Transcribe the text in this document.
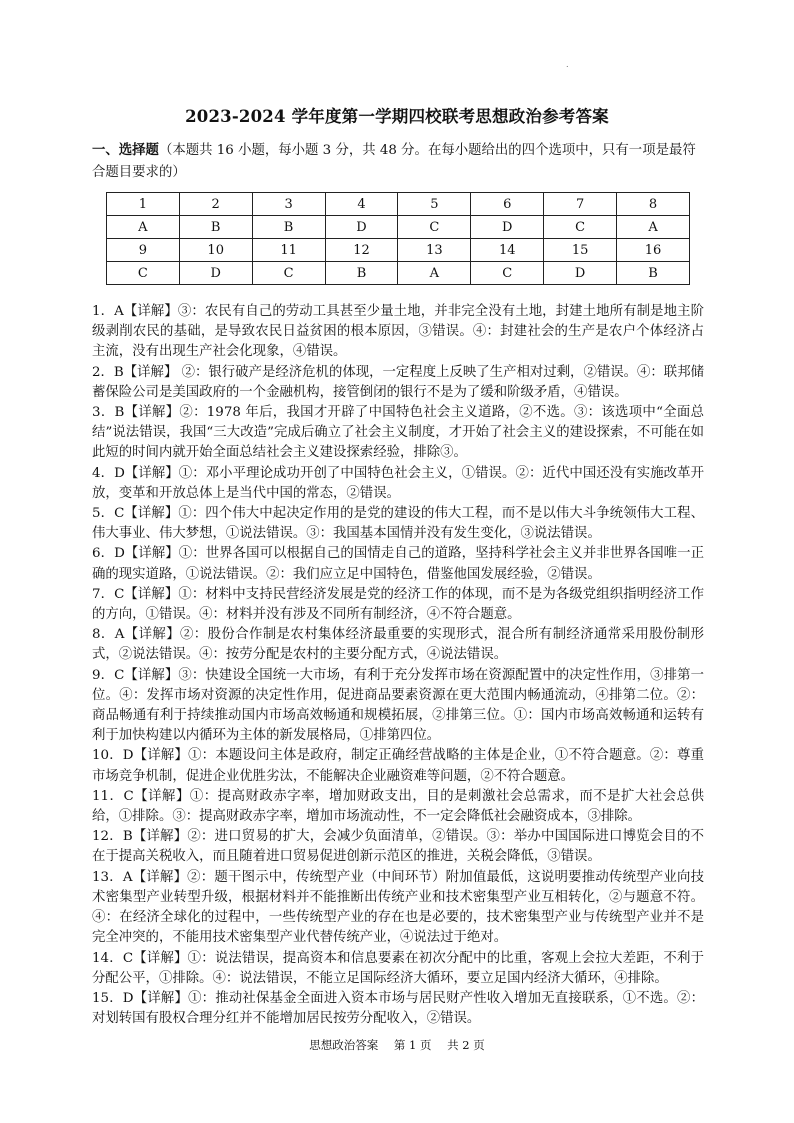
.
2023-2024 学年度第一学期四校联考思想政治参考答案
一、选择题（本题共 16 小题，每小题 3 分，共 48 分。在每小题给出的四个选项中，只有一项是最符合题目要求的）
1	2	3	4	5	6	7	8
A	B	B	D	C	D	C	A
9	10	11	12	13	14	15	16
C	D	C	B	A	C	D	B

1．A【详解】③：农民有自己的劳动工具甚至少量土地，并非完全没有土地，封建土地所有制是地主阶级剥削农民的基础，是导致农民日益贫困的根本原因，③错误。④：封建社会的生产是农户个体经济占主流，没有出现生产社会化现象，④错误。

2．B【详解】 ②：银行破产是经济危机的体现，一定程度上反映了生产相对过剩，②错误。④：联邦储蓄保险公司是美国政府的一个金融机构，接管倒闭的银行不是为了缓和阶级矛盾，④错误。

3．B【详解】②：1978 年后，我国才开辟了中国特色社会主义道路，②不选。③：该选项中“全面总结”说法错误，我国“三大改造”完成后确立了社会主义制度，才开始了社会主义的建设探索，不可能在如此短的时间内就开始全面总结社会主义建设探索经验，排除③。

4．D【详解】①：邓小平理论成功开创了中国特色社会主义，①错误。②：近代中国还没有实施改革开放，变革和开放总体上是当代中国的常态，②错误。

5．C【详解】①：四个伟大中起决定作用的是党的建设的伟大工程，而不是以伟大斗争统领伟大工程、伟大事业、伟大梦想，①说法错误。③：我国基本国情并没有发生变化，③说法错误。

6．D【详解】①：世界各国可以根据自己的国情走自己的道路，坚持科学社会主义并非世界各国唯一正确的现实道路，①说法错误。②：我们应立足中国特色，借鉴他国发展经验，②错误。

7．C【详解】①：材料中支持民营经济发展是党的经济工作的体现，而不是为各级党组织指明经济工作的方向，①错误。④：材料并没有涉及不同所有制经济，④不符合题意。

8．A【详解】②：股份合作制是农村集体经济最重要的实现形式，混合所有制经济通常采用股份制形式，②说法错误。④：按劳分配是农村的主要分配方式，④说法错误。

9．C【详解】③：快建设全国统一大市场，有利于充分发挥市场在资源配置中的决定性作用，③排第一位。④：发挥市场对资源的决定性作用，促进商品要素资源在更大范围内畅通流动，④排第二位。②：商品畅通有利于持续推动国内市场高效畅通和规模拓展，②排第三位。①：国内市场高效畅通和运转有利于加快构建以内循环为主体的新发展格局，①排第四位。

10．D【详解】①：本题设问主体是政府，制定正确经营战略的主体是企业，①不符合题意。②：尊重市场竞争机制，促进企业优胜劣汰，不能解决企业融资难等问题，②不符合题意。

11．C【详解】①：提高财政赤字率，增加财政支出，目的是刺激社会总需求，而不是扩大社会总供给，①排除。③：提高财政赤字率，增加市场流动性，不一定会降低社会融资成本，③排除。

12．B【详解】②：进口贸易的扩大，会减少负面清单，②错误。③：举办中国国际进口博览会目的不在于提高关税收入，而且随着进口贸易促进创新示范区的推进，关税会降低，③错误。

13．A【详解】②：题干图示中，传统型产业（中间环节）附加值最低，这说明要推动传统型产业向技术密集型产业转型升级，根据材料并不能推断出传统产业和技术密集型产业互相转化，②与题意不符。④：在经济全球化的过程中，一些传统型产业的存在也是必要的，技术密集型产业与传统型产业并不是完全冲突的，不能用技术密集型产业代替传统产业，④说法过于绝对。

14．C【详解】①：说法错误，提高资本和信息要素在初次分配中的比重，客观上会拉大差距，不利于分配公平，①排除。④：说法错误，不能立足国际经济大循环，要立足国内经济大循环，④排除。

15．D【详解】①：推动社保基金全面进入资本市场与居民财产性收入增加无直接联系，①不选。②：对划转国有股权合理分红并不能增加居民按劳分配收入，②错误。

思想政治答案 第 1 页 共 2 页
